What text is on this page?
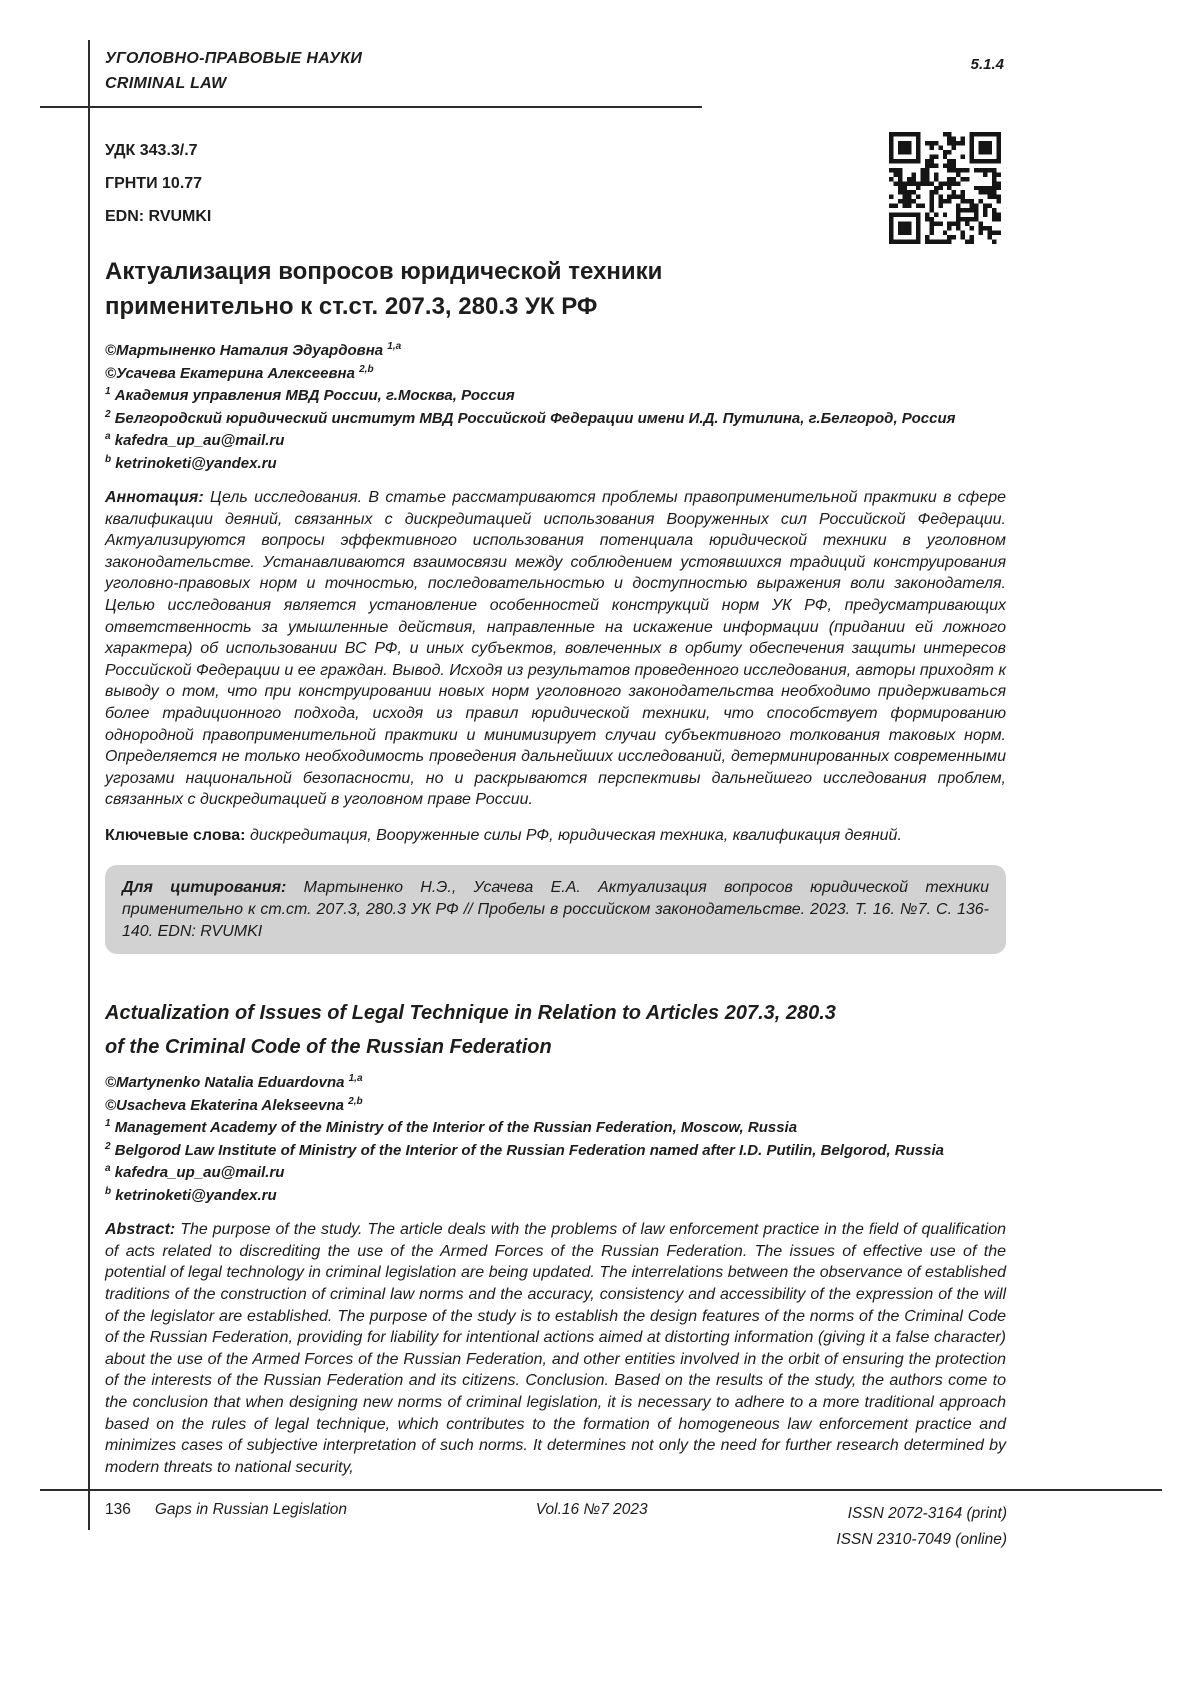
УГОЛОВНО-ПРАВОВЫЕ НАУКИ
CRIMINAL LAW
5.1.4
УДК 343.3/.7
ГРНТИ 10.77
EDN: RVUMKI
Актуализация вопросов юридической техники
применительно к ст.ст. 207.3, 280.3 УК РФ
©Мартыненко Наталия Эдуардовна $^{1,a}$
©Усачева Екатерина Алексеевна $^{2,b}$
$^1$ Академия управления МВД России, г.Москва, Россия
$^2$ Белгородский юридический институт МВД Российской Федерации имени И.Д. Путилина, г.Белгород, Россия
$^a$ kafedra_up_au@mail.ru
$^b$ ketrinoketi@yandex.ru

Аннотация: Цель исследования. В статье рассматриваются проблемы правоприменительной практики в сфере квалификации деяний, связанных с дискредитацией использования Вооруженных сил Российской Федерации. Актуализируются вопросы эффективного использования потенциала юридической техники в уголовном законодательстве. Устанавливаются взаимосвязи между соблюдением устоявшихся традиций конструирования уголовно-правовых норм и точностью, последовательностью и доступностью выражения воли законодателя. Целью исследования является установление особенностей конструкций норм УК РФ, предусматривающих ответственность за умышленные действия, направленные на искажение информации (придании ей ложного характера) об использовании ВС РФ, и иных субъектов, вовлеченных в орбиту обеспечения защиты интересов Российской Федерации и ее граждан. Вывод. Исходя из результатов проведенного исследования, авторы приходят к выводу о том, что при конструировании новых норм уголовного законодательства необходимо придерживаться более традиционного подхода, исходя из правил юридической техники, что способствует формированию однородной правоприменительной практики и минимизирует случаи субъективного толкования таковых норм. Определяется не только необходимость проведения дальнейших исследований, детерминированных современными угрозами национальной безопасности, но и раскрываются перспективы дальнейшего исследования проблем, связанных с дискредитацией в уголовном праве России.

Ключевые слова: дискредитация, Вооруженные силы РФ, юридическая техника, квалификация деяний.

Для цитирования: Мартыненко Н.Э., Усачева Е.А. Актуализация вопросов юридической техники применительно к ст.ст. 207.3, 280.3 УК РФ // Пробелы в российском законодательстве. 2023. Т. 16. №7. С. 136-140. EDN: RVUMKI
Actualization of Issues of Legal Technique in Relation to Articles 207.3, 280.3
of the Criminal Code of the Russian Federation
©Martynenko Natalia Eduardovna $^{1,a}$
©Usacheva Ekaterina Alekseevna $^{2,b}$
$^1$ Management Academy of the Ministry of the Interior of the Russian Federation, Moscow, Russia
$^2$ Belgorod Law Institute of Ministry of the Interior of the Russian Federation named after I.D. Putilin, Belgorod, Russia
$^a$ kafedra_up_au@mail.ru
$^b$ ketrinoketi@yandex.ru

Abstract: The purpose of the study. The article deals with the problems of law enforcement practice in the field of qualification of acts related to discrediting the use of the Armed Forces of the Russian Federation. The issues of effective use of the potential of legal technology in criminal legislation are being updated. The interrelations between the observance of established traditions of the construction of criminal law norms and the accuracy, consistency and accessibility of the expression of the will of the legislator are established. The purpose of the study is to establish the design features of the norms of the Criminal Code of the Russian Federation, providing for liability for intentional actions aimed at distorting information (giving it a false character) about the use of the Armed Forces of the Russian Federation, and other entities involved in the orbit of ensuring the protection of the interests of the Russian Federation and its citizens. Conclusion. Based on the results of the study, the authors come to the conclusion that when designing new norms of criminal legislation, it is necessary to adhere to a more traditional approach based on the rules of legal technique, which contributes to the formation of homogeneous law enforcement practice and minimizes cases of subjective interpretation of such norms. It determines not only the need for further research determined by modern threats to national security,

136 Gaps in Russian Legislation	Vol.16 №7 2023	ISSN 2072-3164 (print)
ISSN 2310-7049 (online)
